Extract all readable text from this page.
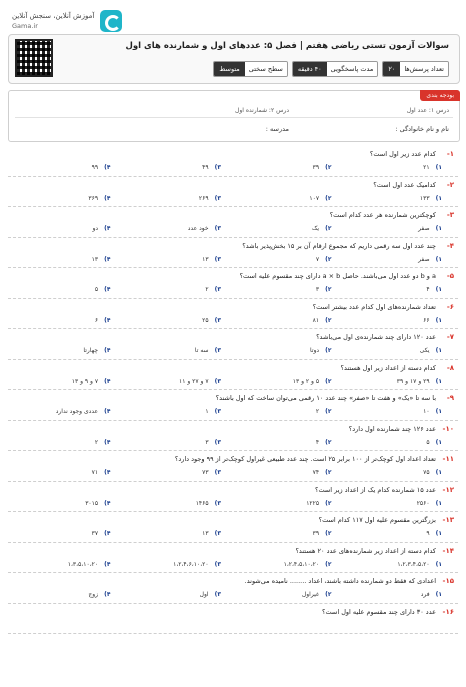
آموزش آنلاین، سنجش آنلاین
Gama.ir
سوالات آزمون تستی ریاضی هفتم | فصل ۵: عددهای اول و شمارنده های اول
تعداد پرسش‌ها
۲۰
مدت پاسخگویی
۴۰ دقیقه
سطح سختی
متوسط
بودجه بندی
درس ۱: عدد اول
درس ۲: شمارنده اول
نام و نام خانوادگی :
مدرسه :
۱-
کدام عدد زیر اول است؟
۱)
۲۱
۲)
۳۹
۳)
۴۹
۴)
۹۹
۲-
کدامیک عدد اول است؟
۱)
۱۳۳
۲)
۱۰۷
۳)
۲۶۹
۴)
۳۶۹
۳-
کوچکترین شمارنده هر عدد کدام است؟
۱)
صفر
۲)
یک
۳)
خود عدد
۴)
دو
۴-
چند عدد اول سه رقمی داریم که مجموع ارقام آن بر ۱۵ بخش‌پذیر باشد؟
۱)
صفر
۲)
۷
۳)
۱۳
۴)
۱۳
۵-
a و b دو عدد اول می‌باشند. حاصل a × b دارای چند مقسوم علیه است؟
۱)
۴
۲)
۳
۳)
۲
۴)
۵
۶-
تعداد شمارنده‌های اول کدام عدد بیشتر است؟
۱)
۶۶
۲)
۸۱
۳)
۲۵
۴)
۶
۷-
عدد ۱۲۰ دارای چند شمارنده‌ی اول می‌باشد؟
۱)
یکی
۲)
دوتا
۳)
سه تا
۴)
چهارتا
۸-
کدام دسته از اعداد زیر اول هستند؟
۱)
۲۹ و ۱۷ و ۳۹
۲)
۵ و ۲ و ۱۳
۳)
۷ و ۲۷ و ۱۱
۴)
۷ و ۹ و ۱۳
۹-
با سه تا «یک» و هفت تا «صفر» چند عدد ۱۰ رقمی می‌توان ساخت که اول باشند؟
۱)
۱۰
۲)
۲
۳)
۱
۴)
عددی وجود ندارد
۱۰-
عدد ۱۲۶ چند شمارنده اول دارد؟
۱)
۵
۲)
۴
۳)
۳
۴)
۲
۱۱-
تعداد اعداد اول کوچک‌تر از ۱۰۰ برابر ۲۵ است. چند عدد طبیعی غیراول کوچک‌تر از ۹۹ وجود دارد؟
۱)
۷۵
۲)
۷۴
۳)
۷۳
۴)
۷۱
۱۲-
عدد ۱۵ شمارنده کدام یک از اعداد زیر است؟
۱)
۲۵۶۰
۲)
۱۲۲۵
۳)
۱۴۶۵
۴)
۳۰۱۵
۱۳-
بزرگترین مقسوم علیه اول ۱۱۷ کدام است؟
۱)
۹
۲)
۳۹
۳)
۱۳
۴)
۳۷
۱۴-
کدام دسته از اعداد زیر شمارنده‌های عدد ۲۰ هستند؟
۱)
۱،۲،۳،۴،۵،۲۰
۲)
۱،۲،۴،۵،۱۰،۲۰
۳)
۱،۲،۴،۶،۱۰،۲۰
۴)
۱،۳،۵،۱۰،۲۰
۱۵-
اعدادی که فقط دو شمارنده داشته باشند، اعداد ........ نامیده می‌شوند.
۱)
فرد
۲)
غیراول
۳)
اول
۴)
زوج
۱۶-
عدد ۳۰ دارای چند مقسوم علیه اول است؟
